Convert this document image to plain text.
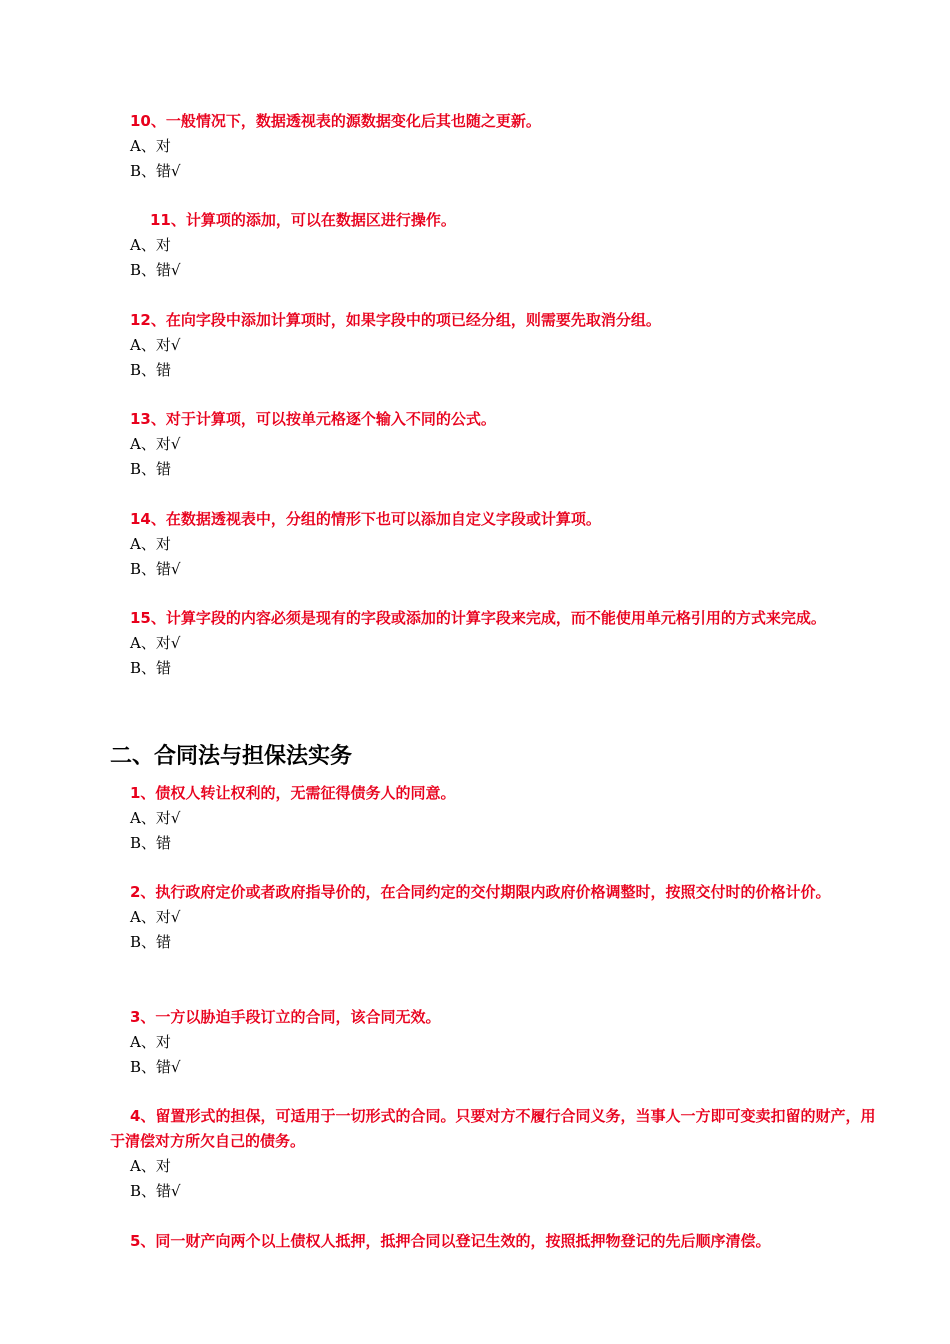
10、一般情况下，数据透视表的源数据变化后其也随之更新。

A、对

B、错√

11、计算项的添加，可以在数据区进行操作。

A、对

B、错√

12、在向字段中添加计算项时，如果字段中的项已经分组，则需要先取消分组。

A、对√

B、错

13、对于计算项，可以按单元格逐个输入不同的公式。

A、对√

B、错

14、在数据透视表中，分组的情形下也可以添加自定义字段或计算项。

A、对

B、错√

15、计算字段的内容必须是现有的字段或添加的计算字段来完成，而不能使用单元格引用的方式来完成。

A、对√

B、错

二、合同法与担保法实务

1、债权人转让权利的，无需征得债务人的同意。

A、对√

B、错

2、执行政府定价或者政府指导价的，在合同约定的交付期限内政府价格调整时，按照交付时的价格计价。

A、对√

B、错

3、一方以胁迫手段订立的合同，该合同无效。

A、对

B、错√

4、留置形式的担保，可适用于一切形式的合同。只要对方不履行合同义务，当事人一方即可变卖扣留的财产，用于清偿对方所欠自己的债务。

A、对

B、错√

5、同一财产向两个以上债权人抵押，抵押合同以登记生效的，按照抵押物登记的先后顺序清偿。
